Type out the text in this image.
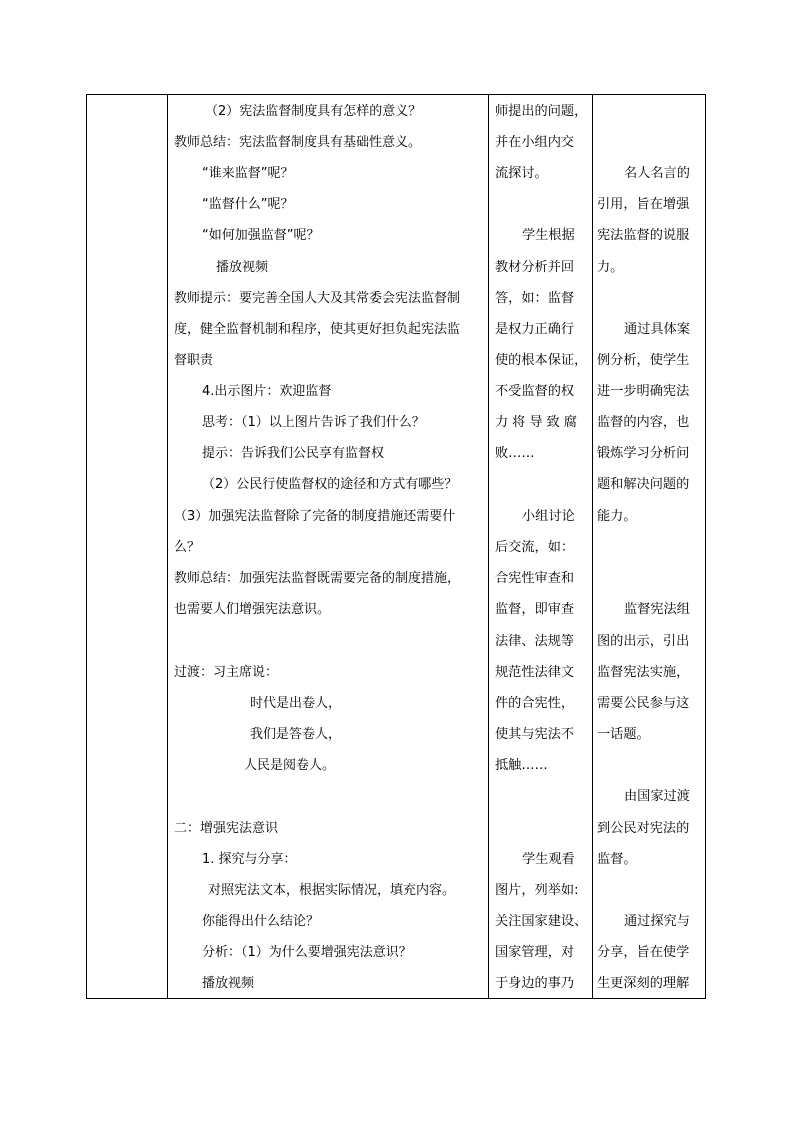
（2）宪法监督制度具有怎样的意义？
教师总结：宪法监督制度具有基础性意义。
“谁来监督”呢？
“监督什么”呢？
“如何加强监督”呢？
播放视频
教师提示：要完善全国人大及其常委会宪法监督制
度，健全监督机制和程序，使其更好担负起宪法监
督职责
4.出示图片：欢迎监督
思考：（1）以上图片告诉了我们什么？
提示：告诉我们公民享有监督权
（2）公民行使监督权的途径和方式有哪些？
（3）加强宪法监督除了完备的制度措施还需要什
么？
教师总结：加强宪法监督既需要完备的制度措施，
也需要人们增强宪法意识。
过渡：习主席说：
时代是出卷人，
我们是答卷人，
人民是阅卷人。
二：增强宪法意识
1. 探究与分享：
对照宪法文本，根据实际情况，填充内容。
你能得出什么结论？
分析：（1）为什么要增强宪法意识？
播放视频
师提出的问题，
并在小组内交
流探讨。
学生根据
教材分析并回
答，如：监督
是权力正确行
使的根本保证，
不受监督的权
力将导致腐
败……
小组讨论
后交流，如：
合宪性审查和
监督，即审查
法律、法规等
规范性法律文
件的合宪性，
使其与宪法不
抵触……
学生观看
图片，列举如:
关注国家建设、
国家管理，对
于身边的事乃
名人名言的
引用，旨在增强
宪法监督的说服
力。
通过具体案
例分析，使学生
进一步明确宪法
监督的内容，也
锻炼学习分析问
题和解决问题的
能力。
监督宪法组
图的出示，引出
监督宪法实施，
需要公民参与这
一话题。
由国家过渡
到公民对宪法的
监督。
通过探究与
分享，旨在使学
生更深刻的理解
